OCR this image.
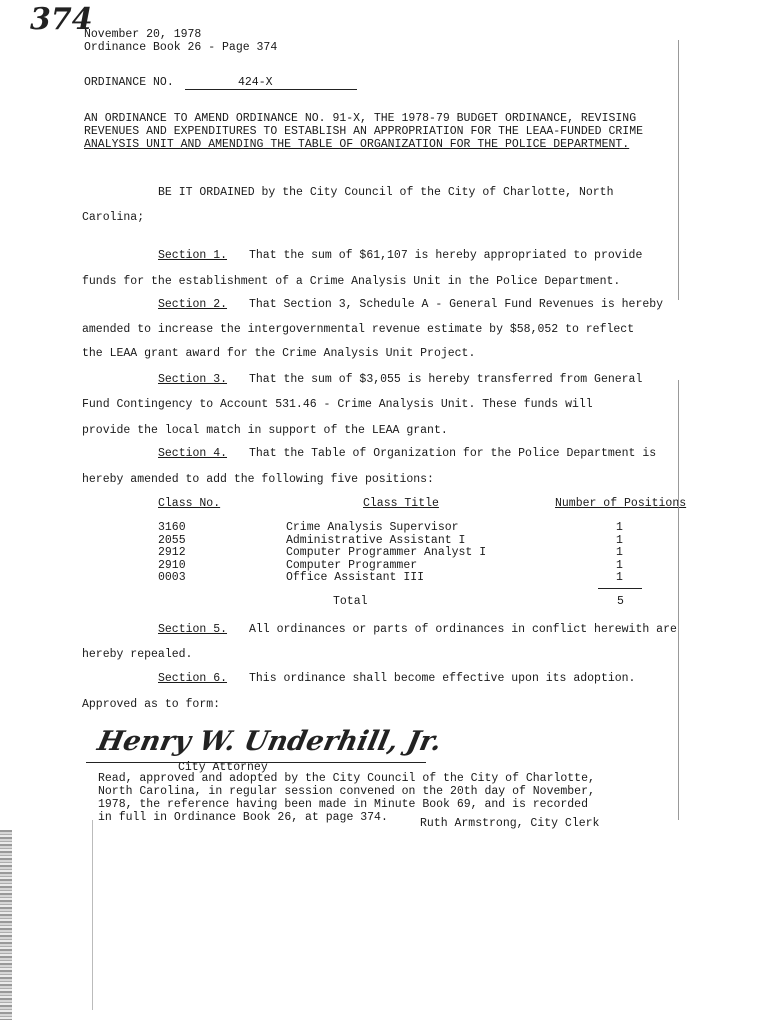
374
November 20, 1978
Ordinance Book 26 - Page 374
ORDINANCE NO.	424-X
AN ORDINANCE TO AMEND ORDINANCE NO. 91-X, THE 1978-79 BUDGET ORDINANCE, REVISING
REVENUES AND EXPENDITURES TO ESTABLISH AN APPROPRIATION FOR THE LEAA-FUNDED CRIME
ANALYSIS UNIT AND AMENDING THE TABLE OF ORGANIZATION FOR THE POLICE DEPARTMENT.
BE IT ORDAINED by the City Council of the City of Charlotte, North
Carolina;
Section 1. That the sum of $61,107 is hereby appropriated to provide
funds for the establishment of a Crime Analysis Unit in the Police Department.
Section 2. That Section 3, Schedule A - General Fund Revenues is hereby
amended to increase the intergovernmental revenue estimate by $58,052 to reflect
the LEAA grant award for the Crime Analysis Unit Project.
Section 3. That the sum of $3,055 is hereby transferred from General
Fund Contingency to Account 531.46 - Crime Analysis Unit. These funds will
provide the local match in support of the LEAA grant.
Section 4. That the Table of Organization for the Police Department is
hereby amended to add the following five positions:
Class No.	Class Title	Number of Positions
3160	Crime Analysis Supervisor	1
2055	Administrative Assistant I	1
2912	Computer Programmer Analyst I	1
2910	Computer Programmer	1
0003	Office Assistant III	1
Total	5
Section 5. All ordinances or parts of ordinances in conflict herewith are
hereby repealed.
Section 6. This ordinance shall become effective upon its adoption.
Approved as to form:
Henry W. Underhill, Jr.
City Attorney
Read, approved and adopted by the City Council of the City of Charlotte,
North Carolina, in regular session convened on the 20th day of November,
1978, the reference having been made in Minute Book 69, and is recorded
in full in Ordinance Book 26, at page 374.	Ruth Armstrong, City Clerk
